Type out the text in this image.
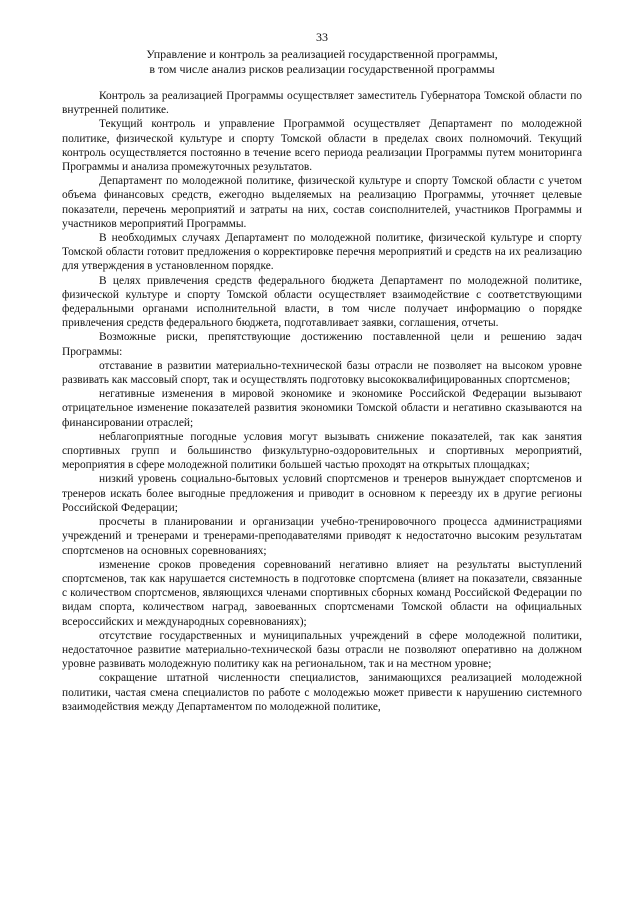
33
Управление и контроль за реализацией государственной программы,
в том числе анализ рисков реализации государственной программы

Контроль за реализацией Программы осуществляет заместитель Губернатора Томской области по внутренней политике.

Текущий контроль и управление Программой осуществляет Департамент по молодежной политике, физической культуре и спорту Томской области в пределах своих полномочий. Текущий контроль осуществляется постоянно в течение всего периода реализации Программы путем мониторинга Программы и анализа промежуточных результатов.

Департамент по молодежной политике, физической культуре и спорту Томской области с учетом объема финансовых средств, ежегодно выделяемых на реализацию Программы, уточняет целевые показатели, перечень мероприятий и затраты на них, состав соисполнителей, участников Программы и участников мероприятий Программы.

В необходимых случаях Департамент по молодежной политике, физической культуре и спорту Томской области готовит предложения о корректировке перечня мероприятий и средств на их реализацию для утверждения в установленном порядке.

В целях привлечения средств федерального бюджета Департамент по молодежной политике, физической культуре и спорту Томской области осуществляет взаимодействие с соответствующими федеральными органами исполнительной власти, в том числе получает информацию о порядке привлечения средств федерального бюджета, подготавливает заявки, соглашения, отчеты.

Возможные риски, препятствующие достижению поставленной цели и решению задач Программы:

отставание в развитии материально-технической базы отрасли не позволяет на высоком уровне развивать как массовый спорт, так и осуществлять подготовку высококвалифицированных спортсменов;

негативные изменения в мировой экономике и экономике Российской Федерации вызывают отрицательное изменение показателей развития экономики Томской области и негативно сказываются на финансировании отраслей;

неблагоприятные погодные условия могут вызывать снижение показателей, так как занятия спортивных групп и большинство физкультурно-оздоровительных и спортивных мероприятий, мероприятия в сфере молодежной политики большей частью проходят на открытых площадках;

низкий уровень социально-бытовых условий спортсменов и тренеров вынуждает спортсменов и тренеров искать более выгодные предложения и приводит в основном к переезду их в другие регионы Российской Федерации;

просчеты в планировании и организации учебно-тренировочного процесса администрациями учреждений и тренерами и тренерами-преподавателями приводят к недостаточно высоким результатам спортсменов на основных соревнованиях;

изменение сроков проведения соревнований негативно влияет на результаты выступлений спортсменов, так как нарушается системность в подготовке спортсмена (влияет на показатели, связанные с количеством спортсменов, являющихся членами спортивных сборных команд Российской Федерации по видам спорта, количеством наград, завоеванных спортсменами Томской области на официальных всероссийских и международных соревнованиях);

отсутствие государственных и муниципальных учреждений в сфере молодежной политики, недостаточное развитие материально-технической базы отрасли не позволяют оперативно на должном уровне развивать молодежную политику как на региональном, так и на местном уровне;

сокращение штатной численности специалистов, занимающихся реализацией молодежной политики, частая смена специалистов по работе с молодежью может привести к нарушению системного взаимодействия между Департаментом по молодежной политике,
